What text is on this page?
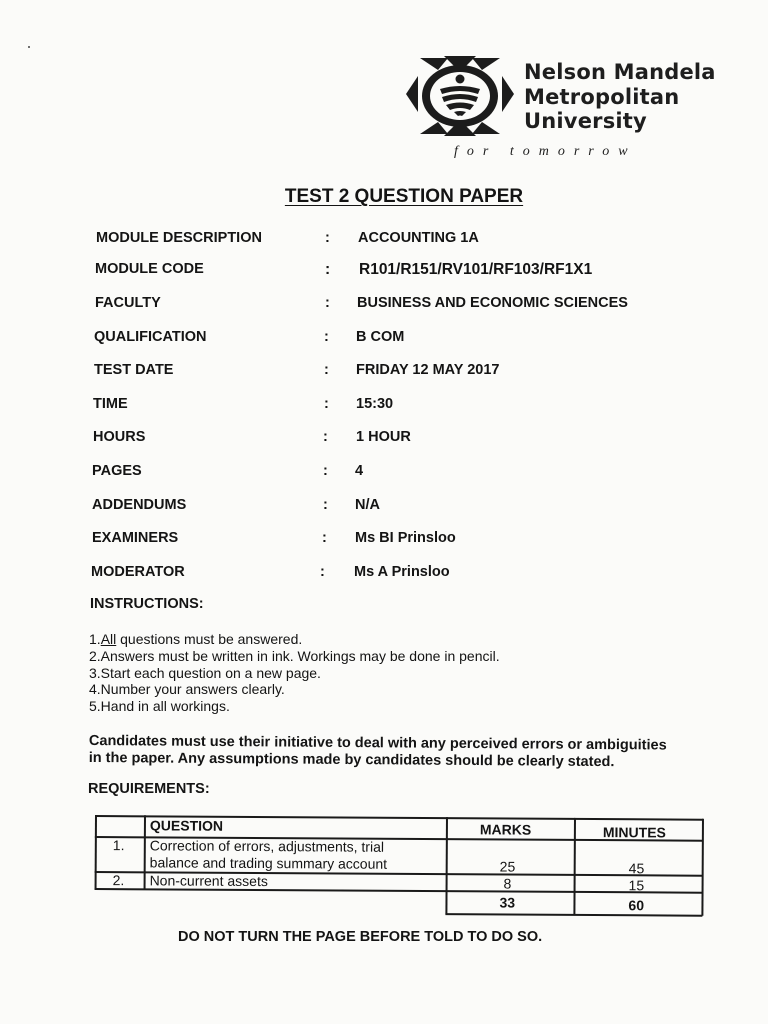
Nelson Mandela
Metropolitan
University
for tomorrow
TEST 2 QUESTION PAPER
MODULE DESCRIPTION	: ACCOUNTING 1A
MODULE CODE	: R101/R151/RV101/RF103/RF1X1
FACULTY	: BUSINESS AND ECONOMIC SCIENCES
QUALIFICATION	: B COM
TEST DATE	: FRIDAY 12 MAY 2017
TIME	: 15:30
HOURS	: 1 HOUR
PAGES	: 4
ADDENDUMS	: N/A
EXAMINERS	: Ms BI Prinsloo
MODERATOR	: Ms A Prinsloo
INSTRUCTIONS:
1.All questions must be answered.
2.Answers must be written in ink. Workings may be done in pencil.
3.Start each question on a new page.
4.Number your answers clearly.
5.Hand in all workings.
Candidates must use their initiative to deal with any perceived errors or ambiguities
in the paper. Any assumptions made by candidates should be clearly stated.
REQUIREMENTS:
QUESTION	MARKS	MINUTES
1. Correction of errors, adjustments, trial
balance and trading summary account	25	45
2. Non-current assets	8	15
33	60
DO NOT TURN THE PAGE BEFORE TOLD TO DO SO.
